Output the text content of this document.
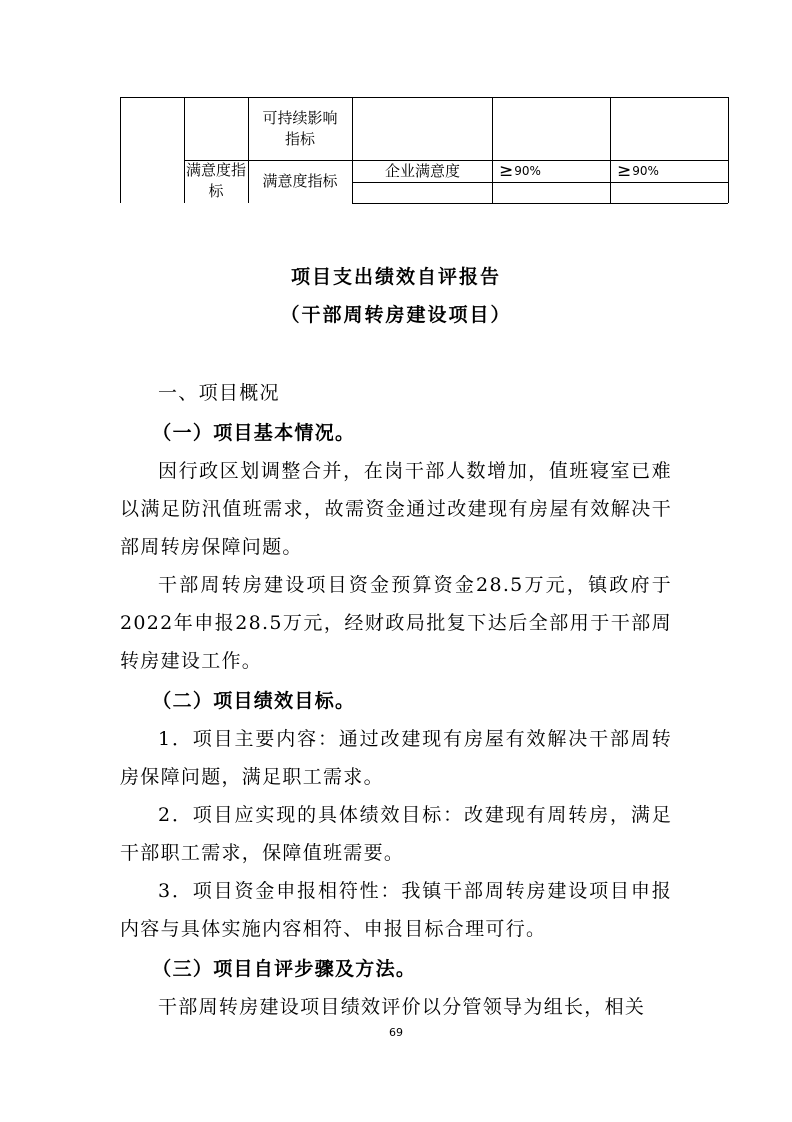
可持续影响指标
满意度指标
满意度指标
企业满意度 ≥ 90%	≥ 90%
项目支出绩效自评报告
（干部周转房建设项目）

一、项目概况

（一）项目基本情况。

因行政区划调整合并，在岗干部人数增加，值班寝室已难以满足防汛值班需求，故需资金通过改建现有房屋有效解决干部周转房保障问题。

干部周转房建设项目资金预算资金28.5万元，镇政府于2022年申报28.5万元，经财政局批复下达后全部用于干部周转房建设工作。

（二）项目绩效目标。

1．项目主要内容：通过改建现有房屋有效解决干部周转房保障问题，满足职工需求。

2．项目应实现的具体绩效目标：改建现有周转房，满足干部职工需求，保障值班需要。

3．项目资金申报相符性：我镇干部周转房建设项目申报内容与具体实施内容相符、申报目标合理可行。

（三）项目自评步骤及方法。

干部周转房建设项目绩效评价以分管领导为组长，相关

69
